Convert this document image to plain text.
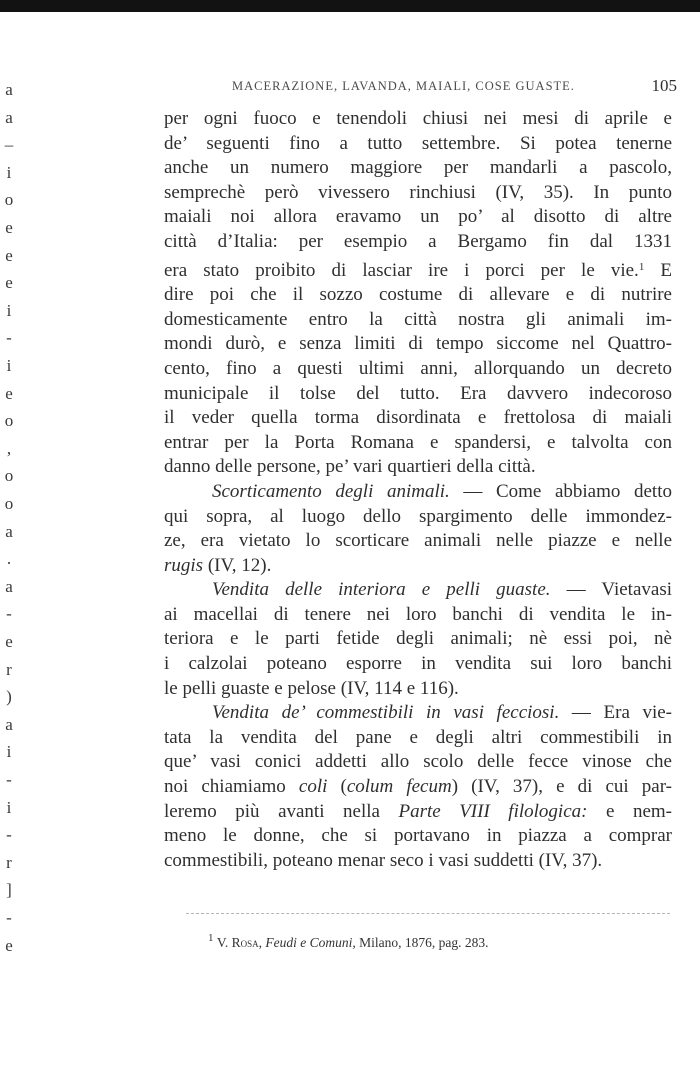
a
a
–
i
o
e
e
e
i
-
i
e
o
,
o
o
a
.
a
-
e
r
)
a
i
-
i
-
r
]
-
e
MACERAZIONE, LAVANDA, MAIALI, COSE GUASTE.	105
per ogni fuoco e tenendoli chiusi nei mesi di aprile e
de’ seguenti fino a tutto settembre. Si potea tenerne
anche un numero maggiore per mandarli a pascolo,
semprechè però vivessero rinchiusi (IV, 35). In punto
maiali noi allora eravamo un po’ al disotto di altre
città d’Italia: per esempio a Bergamo fin dal 1331
era stato proibito di lasciar ire i porci per le vie.$^1$ E
dire poi che il sozzo costume di allevare e di nutrire
domesticamente entro la città nostra gli animali im-
mondi durò, e senza limiti di tempo siccome nel Quattro-
cento, fino a questi ultimi anni, allorquando un decreto
municipale il tolse del tutto. Era davvero indecoroso
il veder quella torma disordinata e frettolosa di maiali
entrar per la Porta Romana e spandersi, e talvolta con
danno delle persone, pe’ vari quartieri della città.
Scorticamento degli animali. — Come abbiamo detto
qui sopra, al luogo dello spargimento delle immondez-
ze, era vietato lo scorticare animali nelle piazze e nelle
rugis (IV, 12).
Vendita delle interiora e pelli guaste. — Vietavasi
ai macellai di tenere nei loro banchi di vendita le in-
teriora e le parti fetide degli animali; nè essi poi, nè
i calzolai poteano esporre in vendita sui loro banchi
le pelli guaste e pelose (IV, 114 e 116).
Vendita de’ commestibili in vasi fecciosi. — Era vie-
tata la vendita del pane e degli altri commestibili in
que’ vasi conici addetti allo scolo delle fecce vinose che
noi chiamiamo coli (colum fecum) (IV, 37), e di cui par-
leremo più avanti nella Parte VIII filologica: e nem-
meno le donne, che si portavano in piazza a comprar
commestibili, poteano menar seco i vasi suddetti (IV, 37).
$^1$ V. Rosa, Feudi e Comuni, Milano, 1876, pag. 283.
